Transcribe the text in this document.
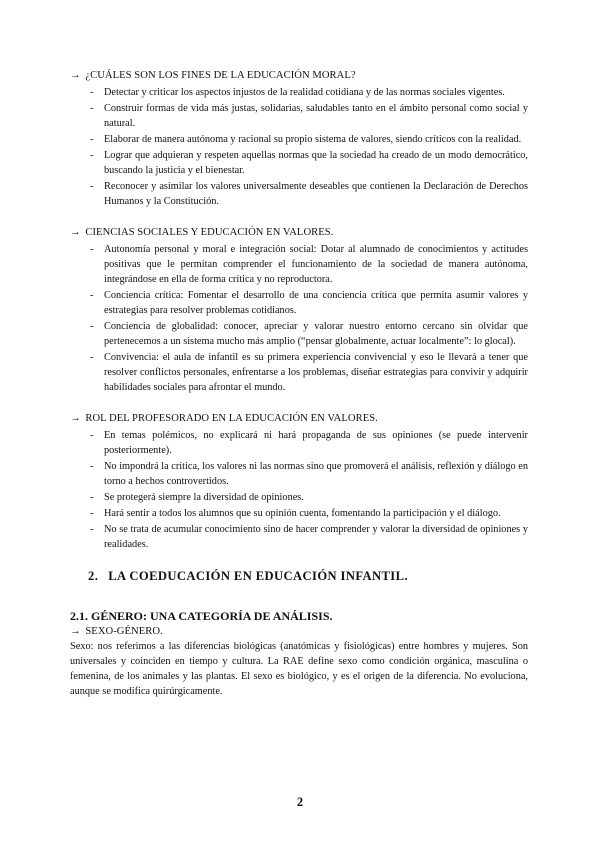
→ ¿CUÁLES SON LOS FINES DE LA EDUCACIÓN MORAL?

- Detectar y criticar los aspectos injustos de la realidad cotidiana y de las normas sociales vigentes.
- Construir formas de vida más justas, solidarias, saludables tanto en el ámbito personal como social y natural.
- Elaborar de manera autónoma y racional su propio sistema de valores, siendo críticos con la realidad.
- Lograr que adquieran y respeten aquellas normas que la sociedad ha creado de un modo democrático, buscando la justicia y el bienestar.
- Reconocer y asimilar los valores universalmente deseables que contienen la Declaración de Derechos Humanos y la Constitución.

→ CIENCIAS SOCIALES Y EDUCACIÓN EN VALORES.

- Autonomía personal y moral e integración social: Dotar al alumnado de conocimientos y actitudes positivas que le permitan comprender el funcionamiento de la sociedad de manera autónoma, integrándose en ella de forma crítica y no reproductora.
- Conciencia crítica: Fomentar el desarrollo de una conciencia crítica que permita asumir valores y estrategias para resolver problemas cotidianos.
- Conciencia de globalidad: conocer, apreciar y valorar nuestro entorno cercano sin olvidar que pertenecemos a un sistema mucho más amplio (“pensar globalmente, actuar localmente”: lo glocal).
- Convivencia: el aula de infantil es su primera experiencia convivencial y eso le llevará a tener que resolver conflictos personales, enfrentarse a los problemas, diseñar estrategias para convivir y adquirir habilidades sociales para afrontar el mundo.

→ ROL DEL PROFESORADO EN LA EDUCACIÓN EN VALORES.

- En temas polémicos, no explicará ni hará propaganda de sus opiniones (se puede intervenir posteriormente).
- No impondrá la crítica, los valores ni las normas sino que promoverá el análisis, reflexión y diálogo en torno a hechos controvertidos.
- Se protegerá siempre la diversidad de opiniones.
- Hará sentir a todos los alumnos que su opinión cuenta, fomentando la participación y el diálogo.
- No se trata de acumular conocimiento sino de hacer comprender y valorar la diversidad de opiniones y realidades.

2. LA COEDUCACIÓN EN EDUCACIÓN INFANTIL.

2.1. GÉNERO: UNA CATEGORÍA DE ANÁLISIS.

→ SEXO-GÉNERO.

Sexo: nos referimos a las diferencias biológicas (anatómicas y fisiológicas) entre hombres y mujeres. Son universales y coinciden en tiempo y cultura. La RAE define sexo como condición orgánica, masculina o femenina, de los animales y las plantas. El sexo es biológico, y es el origen de la diferencia. No evoluciona, aunque se modifica quirúrgicamente.

2
